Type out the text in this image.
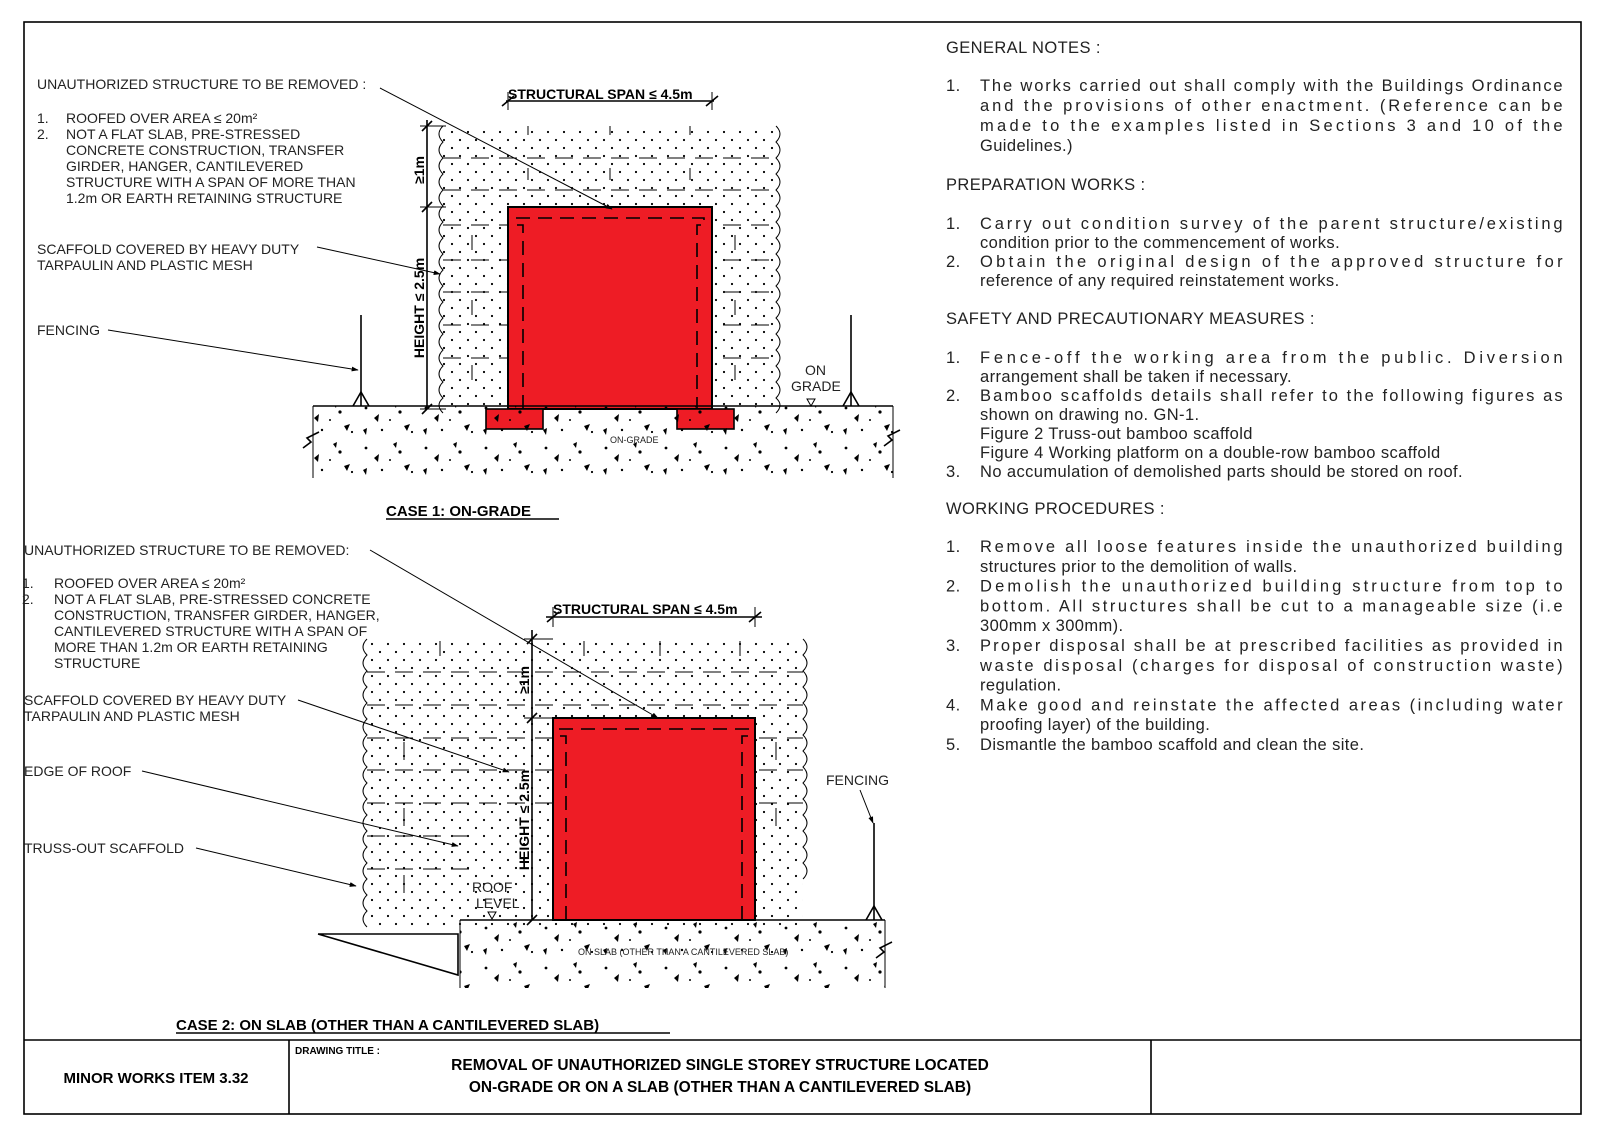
GENERAL NOTES :
1. The works carried out shall comply with the Buildings Ordinance
and the provisions of other enactment. (Reference can be
made to the examples listed in Sections 3 and 10 of the
Guidelines.)
PREPARATION WORKS :
1. Carry out condition survey of the parent structure/existing
condition prior to the commencement of works.
2. Obtain the original design of the approved structure for
reference of any required reinstatement works.
SAFETY AND PRECAUTIONARY MEASURES :
1. Fence-off the working area from the public. Diversion
arrangement shall be taken if necessary.
2. Bamboo scaffolds details shall refer to the following figures as
shown on drawing no. GN-1.
Figure 2 Truss-out bamboo scaffold
Figure 4 Working platform on a double-row bamboo scaffold
3. No accumulation of demolished parts should be stored on roof.
WORKING PROCEDURES :
1. Remove all loose features inside the unauthorized building
structures prior to the demolition of walls.
2. Demolish the unauthorized building structure from top to
bottom. All structures shall be cut to a manageable size (i.e
300mm x 300mm).
3. Proper disposal shall be at prescribed facilities as provided in
waste disposal (charges for disposal of construction waste)
regulation.
4. Make good and reinstate the affected areas (including water
proofing layer) of the building.
5. Dismantle the bamboo scaffold and clean the site.
ON-GRADE
ON
GRADE
STRUCTURAL SPAN ≤ 4.5m
≥1m
HEIGHT ≤ 2.5m
UNAUTHORIZED STRUCTURE TO BE REMOVED :
1. ROOFED OVER AREA ≤ 20m²
2. NOT A FLAT SLAB, PRE-STRESSED
CONCRETE CONSTRUCTION, TRANSFER
GIRDER, HANGER, CANTILEVERED
STRUCTURE WITH A SPAN OF MORE THAN
1.2m OR EARTH RETAINING STRUCTURE
SCAFFOLD COVERED BY HEAVY DUTY
TARPAULIN AND PLASTIC MESH
FENCING
CASE 1: ON-GRADE
ON SLAB (OTHER THAN A CANTILEVERED SLAB)
ROOF
LEVEL
FENCING
STRUCTURAL SPAN ≤ 4.5m
≥1m
HEIGHT ≤ 2.5m
UNAUTHORIZED STRUCTURE TO BE REMOVED:
1. ROOFED OVER AREA ≤ 20m²
2. NOT A FLAT SLAB, PRE-STRESSED CONCRETE
CONSTRUCTION, TRANSFER GIRDER, HANGER,
CANTILEVERED STRUCTURE WITH A SPAN OF
MORE THAN 1.2m OR EARTH RETAINING
STRUCTURE
SCAFFOLD COVERED BY HEAVY DUTY
TARPAULIN AND PLASTIC MESH
EDGE OF ROOF
TRUSS-OUT SCAFFOLD
CASE 2: ON SLAB (OTHER THAN A CANTILEVERED SLAB)
MINOR WORKS ITEM 3.32
DRAWING TITLE :
REMOVAL OF UNAUTHORIZED SINGLE STOREY STRUCTURE LOCATED
ON-GRADE OR ON A SLAB (OTHER THAN A CANTILEVERED SLAB)
